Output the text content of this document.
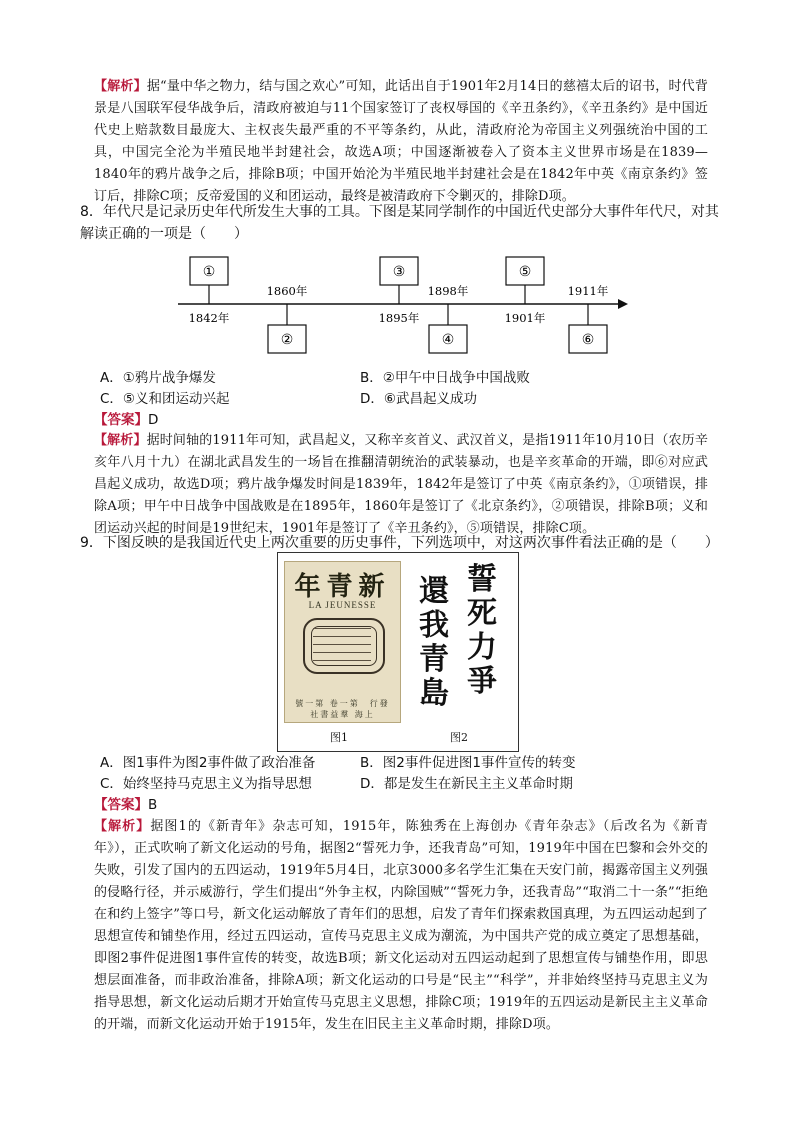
【解析】据“量中华之物力，结与国之欢心”可知，此话出自于1901年2月14日的慈禧太后的诏书，时代背景是八国联军侵华战争后，清政府被迫与11个国家签订了丧权辱国的《辛丑条约》，《辛丑条约》是中国近代史上赔款数目最庞大、主权丧失最严重的不平等条约，从此，清政府沦为帝国主义列强统治中国的工具，中国完全沦为半殖民地半封建社会，故选A项；中国逐渐被卷入了资本主义世界市场是在1839—1840年的鸦片战争之后，排除B项；中国开始沦为半殖民地半封建社会是在1842年中英《南京条约》签订后，排除C项；反帝爱国的义和团运动，最终是被清政府下令剿灭的，排除D项。
8．年代尺是记录历史年代所发生大事的工具。下图是某同学制作的中国近代史部分大事件年代尺，对其解读正确的一项是（　　）
①	③	⑤
②	④	⑥
1860年	1898年	1911年
1842年	1895年	1901年
A．①鸦片战争爆发	B．②甲午中日战争中国战败
C．⑤义和团运动兴起	D．⑥武昌起义成功
【答案】D
【解析】据时间轴的1911年可知，武昌起义，又称辛亥首义、武汉首义，是指1911年10月10日（农历辛亥年八月十九）在湖北武昌发生的一场旨在推翻清朝统治的武装暴动，也是辛亥革命的开端，即⑥对应武昌起义成功，故选D项；鸦片战争爆发时间是1839年，1842年是签订了中英《南京条约》，①项错误，排除A项；甲午中日战争中国战败是在1895年，1860年是签订了《北京条约》，②项错误，排除B项；义和团运动兴起的时间是19世纪末，1901年是签订了《辛丑条约》，⑤项错误，排除C项。
9．下图反映的是我国近代史上两次重要的历史事件，下列选项中，对这两次事件看法正确的是（　　）
年青新
LA JEUNESSE
號一第 卷一第　行發社書益羣 海上
图1
誓
死
力
爭
還
我
青
島
图2
A．图1事件为图2事件做了政治准备	B．图2事件促进图1事件宣传的转变
C．始终坚持马克思主义为指导思想	D．都是发生在新民主主义革命时期
【答案】B
【解析】据图1的《新青年》杂志可知，1915年，陈独秀在上海创办《青年杂志》（后改名为《新青年》），正式吹响了新文化运动的号角，据图2“誓死力争，还我青岛”可知，1919年中国在巴黎和会外交的失败，引发了国内的五四运动，1919年5月4日，北京3000多名学生汇集在天安门前，揭露帝国主义列强的侵略行径，并示威游行，学生们提出“外争主权，内除国贼”“誓死力争，还我青岛”“取消二十一条”“拒绝在和约上签字”等口号，新文化运动解放了青年们的思想，启发了青年们探索救国真理，为五四运动起到了思想宣传和铺垫作用，经过五四运动，宣传马克思主义成为潮流，为中国共产党的成立奠定了思想基础，即图2事件促进图1事件宣传的转变，故选B项；新文化运动对五四运动起到了思想宣传与铺垫作用，即思想层面准备，而非政治准备，排除A项；新文化运动的口号是“民主”“科学”，并非始终坚持马克思主义为指导思想，新文化运动后期才开始宣传马克思主义思想，排除C项；1919年的五四运动是新民主主义革命的开端，而新文化运动开始于1915年，发生在旧民主主义革命时期，排除D项。
